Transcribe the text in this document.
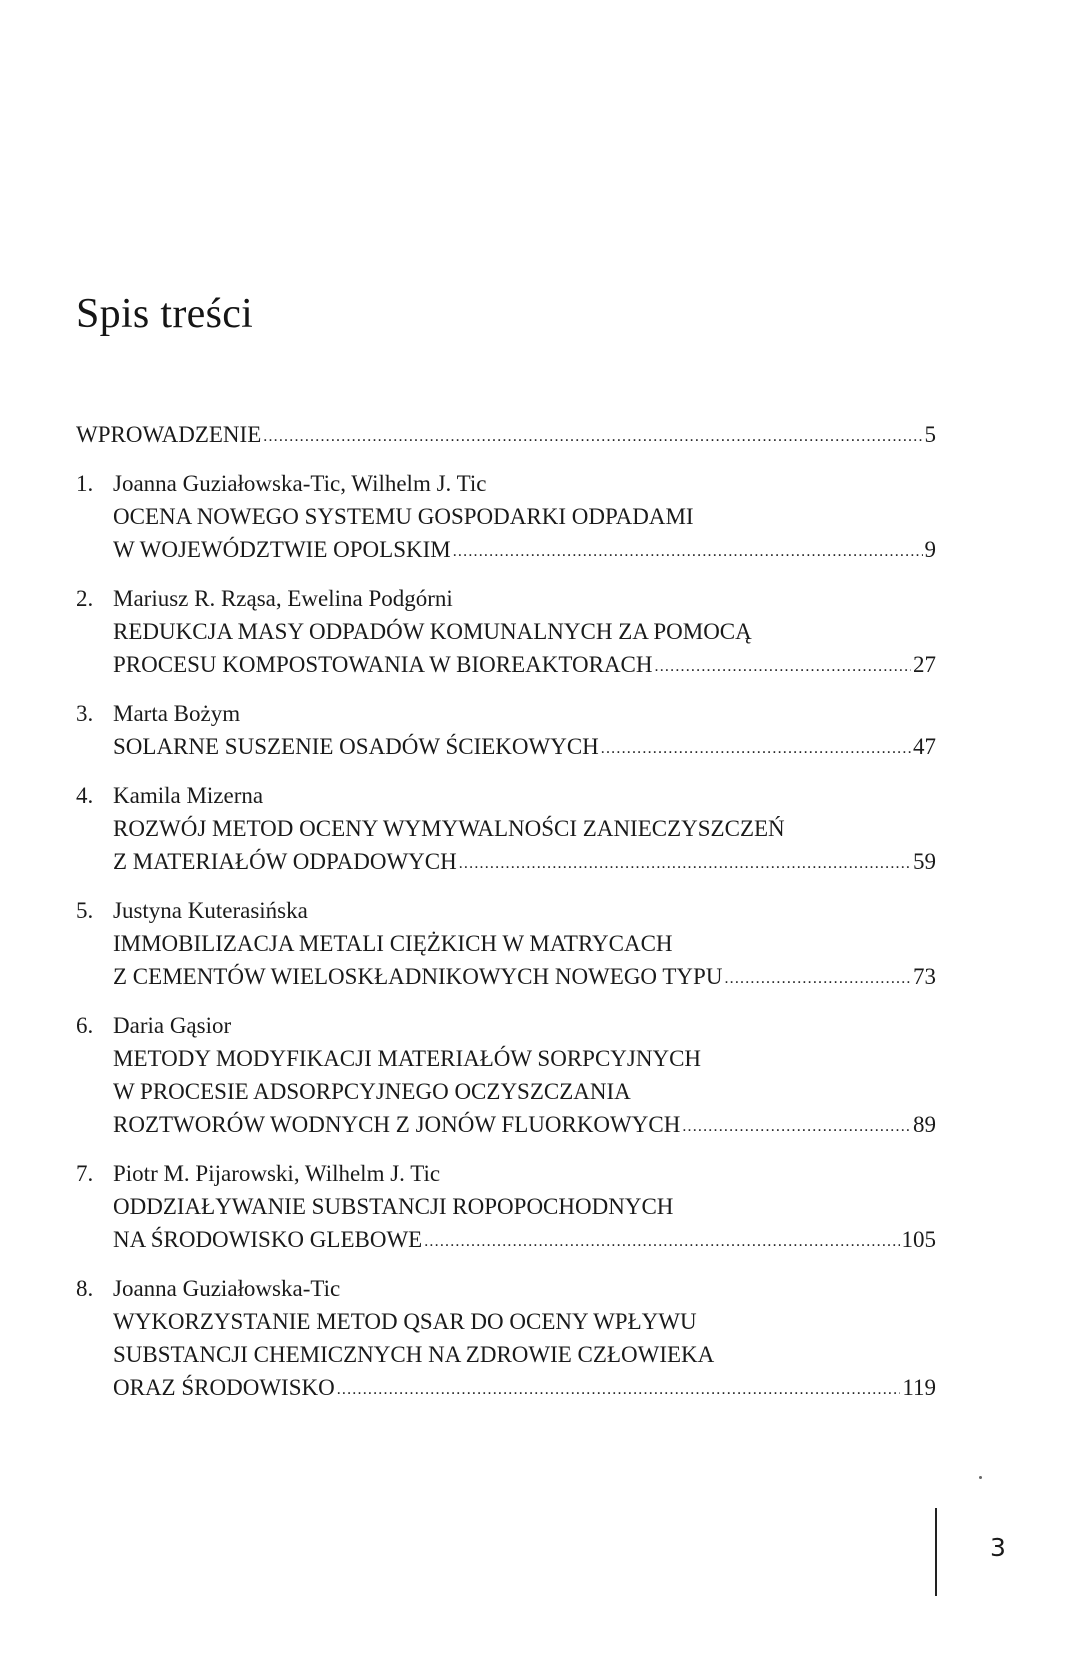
Spis treści
WPROWADZENIE .....	5
1. Joanna Guziałowska-Tic, Wilhelm J. Tic
OCENA NOWEGO SYSTEMU GOSPODARKI ODPADAMI
W WOJEWÓDZTWIE OPOLSKIM .....	9
2. Mariusz R. Rząsa, Ewelina Podgórni
REDUKCJA MASY ODPADÓW KOMUNALNYCH ZA POMOCĄ
PROCESU KOMPOSTOWANIA W BIOREAKTORACH .....	27
3. Marta Bożym
SOLARNE SUSZENIE OSADÓW ŚCIEKOWYCH .....	47
4. Kamila Mizerna
ROZWÓJ METOD OCENY WYMYWALNOŚCI ZANIECZYSZCZEŃ
Z MATERIAŁÓW ODPADOWYCH .....	59
5. Justyna Kuterasińska
IMMOBILIZACJA METALI CIĘŻKICH W MATRYCACH
Z CEMENTÓW WIELOSKŁADNIKOWYCH NOWEGO TYPU .....	73
6. Daria Gąsior
METODY MODYFIKACJI MATERIAŁÓW SORPCYJNYCH
W PROCESIE ADSORPCYJNEGO OCZYSZCZANIA
ROZTWORÓW WODNYCH Z JONÓW FLUORKOWYCH .....	89
7. Piotr M. Pijarowski, Wilhelm J. Tic
ODDZIAŁYWANIE SUBSTANCJI ROPOPOCHODNYCH
NA ŚRODOWISKO GLEBOWE .....	105
8. Joanna Guziałowska-Tic
WYKORZYSTANIE METOD QSAR DO OCENY WPŁYWU
SUBSTANCJI CHEMICZNYCH NA ZDROWIE CZŁOWIEKA
ORAZ ŚRODOWISKO .....	119
3
